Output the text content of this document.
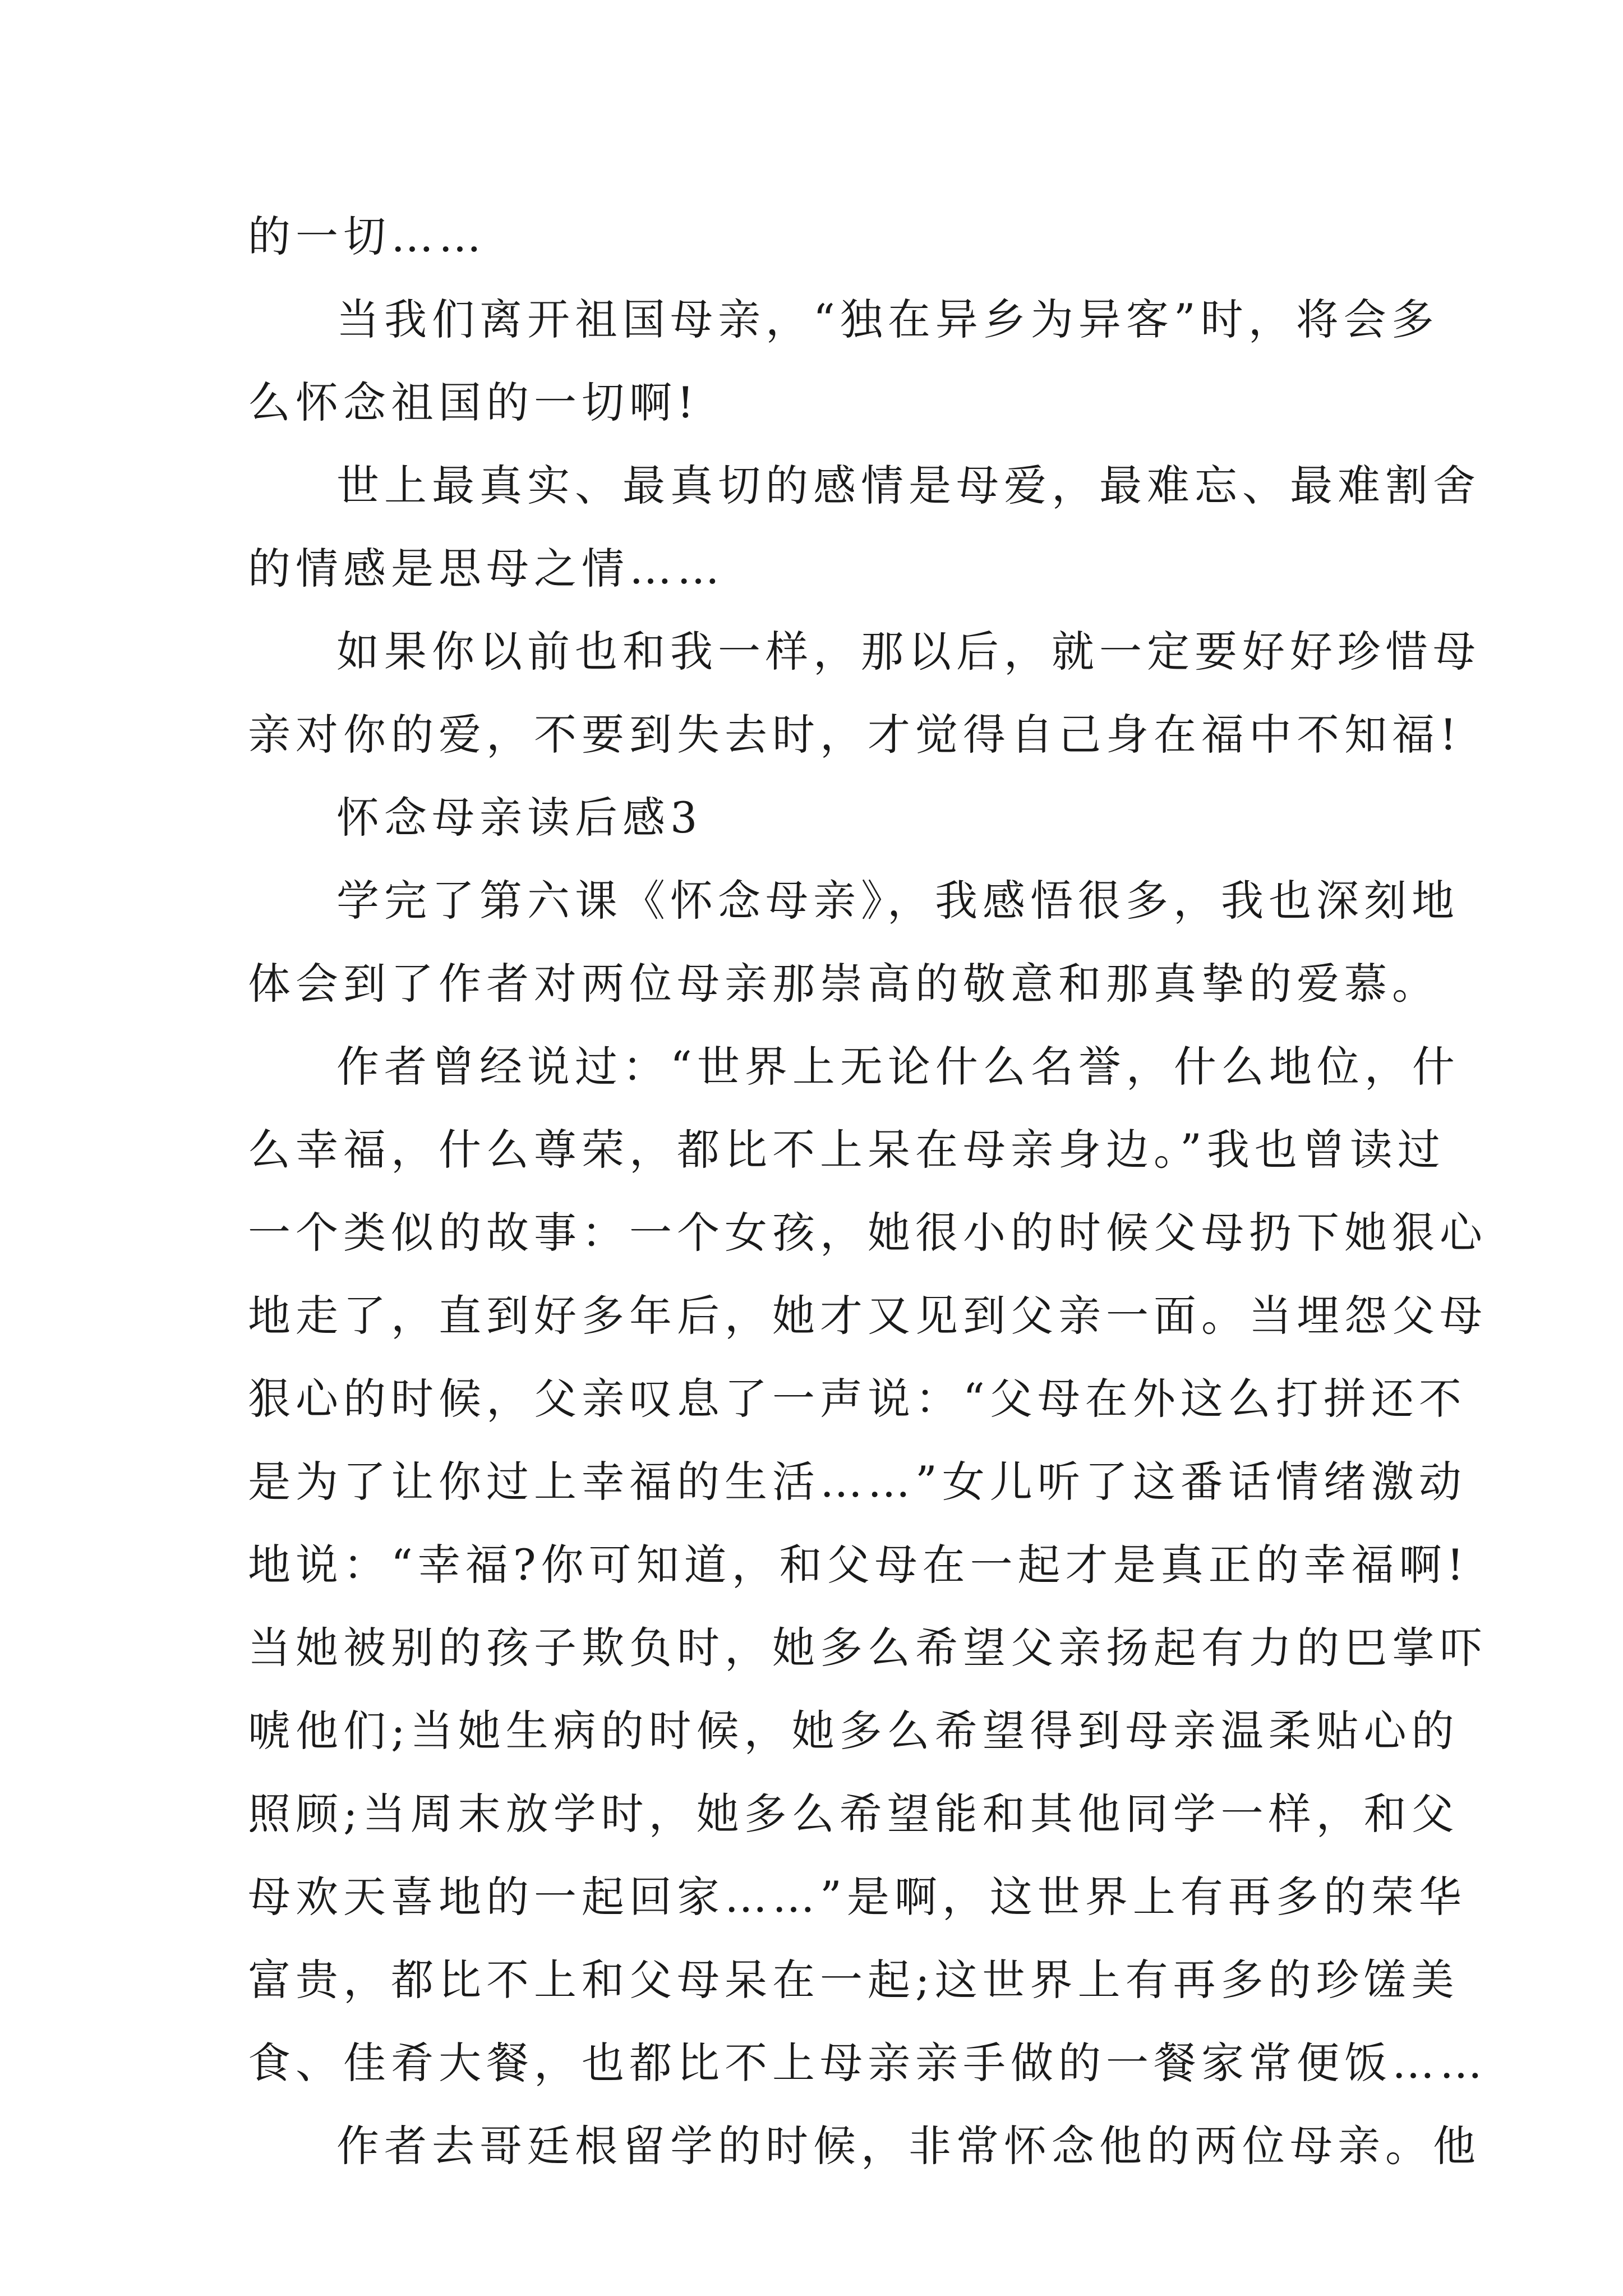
的一切……

当我们离开祖国母亲，“独在异乡为异客”时，将会多

么怀念祖国的一切啊!

世上最真实、最真切的感情是母爱，最难忘、最难割舍

的情感是思母之情……

如果你以前也和我一样，那以后，就一定要好好珍惜母

亲对你的爱，不要到失去时，才觉得自己身在福中不知福!

怀念母亲读后感3

学完了第六课《怀念母亲》，我感悟很多，我也深刻地

体会到了作者对两位母亲那崇高的敬意和那真挚的爱慕。

作者曾经说过：“世界上无论什么名誉，什么地位，什

么幸福，什么尊荣，都比不上呆在母亲身边。”我也曾读过

一个类似的故事：一个女孩，她很小的时候父母扔下她狠心

地走了，直到好多年后，她才又见到父亲一面。当埋怨父母

狠心的时候，父亲叹息了一声说：“父母在外这么打拼还不

是为了让你过上幸福的生活……”女儿听了这番话情绪激动

地说：“幸福?你可知道，和父母在一起才是真正的幸福啊!

当她被别的孩子欺负时，她多么希望父亲扬起有力的巴掌吓

唬他们;当她生病的时候，她多么希望得到母亲温柔贴心的

照顾;当周末放学时，她多么希望能和其他同学一样，和父

母欢天喜地的一起回家……”是啊，这世界上有再多的荣华

富贵，都比不上和父母呆在一起;这世界上有再多的珍馐美

食、佳肴大餐，也都比不上母亲亲手做的一餐家常便饭……

作者去哥廷根留学的时候，非常怀念他的两位母亲。他
